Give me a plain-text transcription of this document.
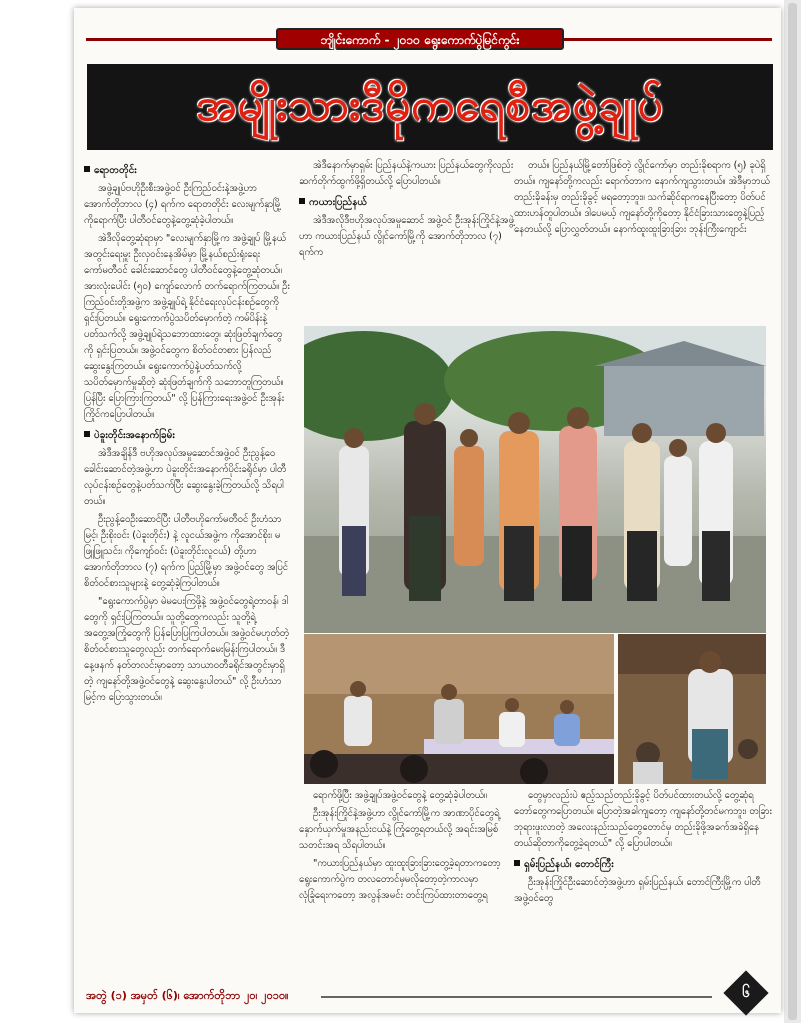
ဘျိုင်းကောက် - ၂၀၁၀ ရွေးကောက်ပွဲမြင်ကွင်း
အမျိုးသားဒီမိုကရေစီအဖွဲ့ချုပ်
ရောတတိုင်း

အဖွဲ့ချုပ်ဗဟိုဦးစီးအဖွဲ့ဝင် ဦးကြည်ဝင်းနဲ့အဖွဲ့ဟာ အောက်တိုဘာလ (၄) ရက်က ရောတတိုင်း လေးမျက်နှာမြို့ကိုရောက်ပြီး ပါတီဝင်တွေနဲ့တွေ့ဆုံခဲ့ပါတယ်။

အဲဒီလိုတွေ့ဆုံရာမှာ "လေးမျက်နှာမြို့က အဖွဲ့ချုပ် မြို့နယ်အတွင်းရေးမှူး ဦးလှဝင်းနေအိမ်မှာ မြို့နယ်စည်းရုံးရေးကော်မတီဝင် ခေါင်းဆောင်တွေ ပါတီဝင်တွေနဲ့တွေ့ဆုံတယ်။ အားလုံးပေါင်း (၅၀) ကျော်လောက် တက်ရောက်ကြတယ်။ ဦးကြည်ဝင်းတို့အဖွဲ့က အဖွဲ့ချုပ်ရဲ့ နိုင်ငံရေးလုပ်ငန်းစဉ်တွေကို ရှင်းပြတယ်။ ရွေးကောက်ပွဲသပိတ်မှောက်တဲ့ ကမ်ပိန်းနဲ့ပတ်သက်လို့ အဖွဲ့ချုပ်ရဲ့သဘောထားတွေ၊ ဆုံးဖြတ်ချက်တွေကို ရှင်းပြတယ်။ အဖွဲ့ဝင်တွေက စိတ်ဝင်တစား ပြန်လည်ဆွေးနွေးကြတယ်။ ရွေးကောက်ပွဲနဲ့ပတ်သက်လို့ သပိတ်မှောက်မှုဆိုတဲ့ ဆုံးဖြတ်ချက်ကို သဘောတူကြတယ်။ ပြန်ပြီး ပြောကြားကြတယ်" လို့ ပြန်ကြားရေးအဖွဲ့ဝင် ဦးအုန်းကြိုင်ကပြောပါတယ်။

ပဲခူးတိုင်းအနောက်ခြမ်း

အဲဒီအချိန်ဒီ ဗဟိုအလုပ်အမှုဆောင်အဖွဲ့ဝင် ဦးညွန့်ဝေခေါင်းဆောင်တဲ့အဖွဲ့ဟာ ပဲခူးတိုင်းအနောက်ပိုင်းခရိုင်မှာ ပါတီလုပ်ငန်းစဉ်တွေနဲ့ပတ်သက်ပြီး ဆွေးနွေးခဲ့ကြတယ်လို့ သိရပါတယ်။

ဦးညွန့်ဝေဦးဆောင်ပြီး ပါတီဗဟိုကော်မတီဝင် ဦးဟံသာမြင့်၊ ဦးစိုးဝင်း (ပဲခူးတိုင်း) နဲ့ လူငယ်အဖွဲ့က ကိုအောင်စိုး၊ မဖြူဖြူသင်း၊ ကိုကျော်ဝင်း (ပဲခူးတိုင်းလူငယ်) တို့ဟာ အောက်တိုဘာလ (၇) ရက်က ပြည်မြို့မှာ အဖွဲ့ဝင်တွေ အပြင် စိတ်ဝင်စားသူများနဲ့ တွေ့ဆုံခဲ့ကြပါတယ်။

"ရွေးကောက်ပွဲမှာ မဲမပေးကြဖို့နဲ့ အဖွဲ့ဝင်တွေရဲ့တာဝန်၊ ဒါတွေကို ရှင်းပြကြတယ်။ သူတို့တွေကလည်း သူတို့ရဲ့အတွေ့အကြုံတွေကို ပြန်ပြောပြကြပါတယ်။ အဖွဲ့ဝင်မဟုတ်တဲ့ စိတ်ဝင်စားသူတွေလည်း တက်ရောက်မေးမြန်းကြပါတယ်။ ဒီနေ့ဖနက် နတ်တလင်းမှာတော့ သာယာဝတီခရိုင်အတွင်းမှာရှိတဲ့ ကျနော်တို့အဖွဲ့ဝင်တွေနဲ့ ဆွေးနွေးပါတယ်" လို့ ဦးဟံသာမြင့်က ပြောသွားတယ်။

အဲဒီနောက်မှာရှမ်း ပြည်နယ်နဲ့ကယား ပြည်နယ်တွေကိုလည်း ဆက်တိုက်ထွက်ဖို့ရှိတယ်လို့ ပြောပါတယ်။

ကယားပြည်နယ်

အဲဒီအလိုဒီဗဟိုအလုပ်အမှုဆောင် အဖွဲ့ဝင် ဦးအုန်းကြိုင်နဲ့အဖွဲ့ဟာ ကယားပြည်နယ် လွိုင်ကော်မြို့ကို အောက်တိုဘာလ (၇) ရက်က

တယ်။ ပြည်နယ်မြို့တော်ဖြစ်တဲ့ လွိုင်ကော်မှာ တည်းခိုစရာက (၅) ခုပဲရှိတယ်။ ကျနော်တို့ကလည်း ရောက်တာက နောက်ကျသွားတယ်။ အဲဒီမှာဘယ်တည်းခိုခန်းမှ တည်းခိုခွင့် မရတော့ဘူး။ သက်ဆိုင်ရာကနေပြီးတော့ ပိတ်ပင်ထားဟန်တူပါတယ်။ ဒါပေမယ့် ကျနော်တို့ကိုတော့ နိုင်ငံခြားသားတွေနဲ့ပြည့်နေတယ်လို့ ပြောလွှတ်တယ်။ နောက်ထူးထူးခြားခြား ဘုန်းကြီးကျောင်း

ရောက်ဖို့ပြီး အဖွဲ့ချုပ်အဖွဲ့ဝင်တွေနဲ့ တွေ့ဆုံခဲ့ပါတယ်။

ဦးအုန်းကြိုင်နဲ့အဖွဲ့ဟာ လွိုင်ကော်မြို့က အာဏာပိုင်တွေရဲ့ နှောက်ယှက်မှုအနည်းငယ်နဲ့ ကြုံတွေ့ရတယ်လို့ အရင်းအမြစ်သတင်းအရ သိရပါတယ်။

"ကယားပြည်နယ်မှာ ထူးထူးခြားခြားတွေ့ခဲ့ရတာကတော့ ရွေးကောက်ပွဲက တလတောင်မှမလိုတော့တဲ့ကာလမှာ လုံခြုံရေးကတော့ အလွန်အမင်း တင်းကြပ်ထားတာတွေ့ရ

တွေမှာလည်းပဲ ဧည့်သည်တည်းခိုခွင့် ပိတ်ပင်ထားတယ်လို့ တွေ့ဆုံရတော်တွေကပြောတယ်။ ပြောတဲ့အခါကျတော့ ကျနော်တို့တင်မကဘူး၊ တခြား ဘုရားဖူးလာတဲ့ အလေးနည်းသည်တွေတောင်မှ တည်းခိုဖို့အခက်အခဲရှိနေတယ်ဆိုတာကိုတွေ့ခဲ့ရတယ်" လို့ ပြောပါတယ်။

ရှမ်းပြည်နယ်၊ တောင်ကြီး

ဦးအုန်းကြိုင်ဦးဆောင်တဲ့အဖွဲ့ဟာ ရှမ်းပြည်နယ်၊ တောင်ကြီးမြို့က ပါတီအဖွဲ့ဝင်တွေ

အတွဲ (၁) အမှတ် (၆)၊ အောက်တိုဘာ ၂၀၊ ၂၀၁၀။	၆
